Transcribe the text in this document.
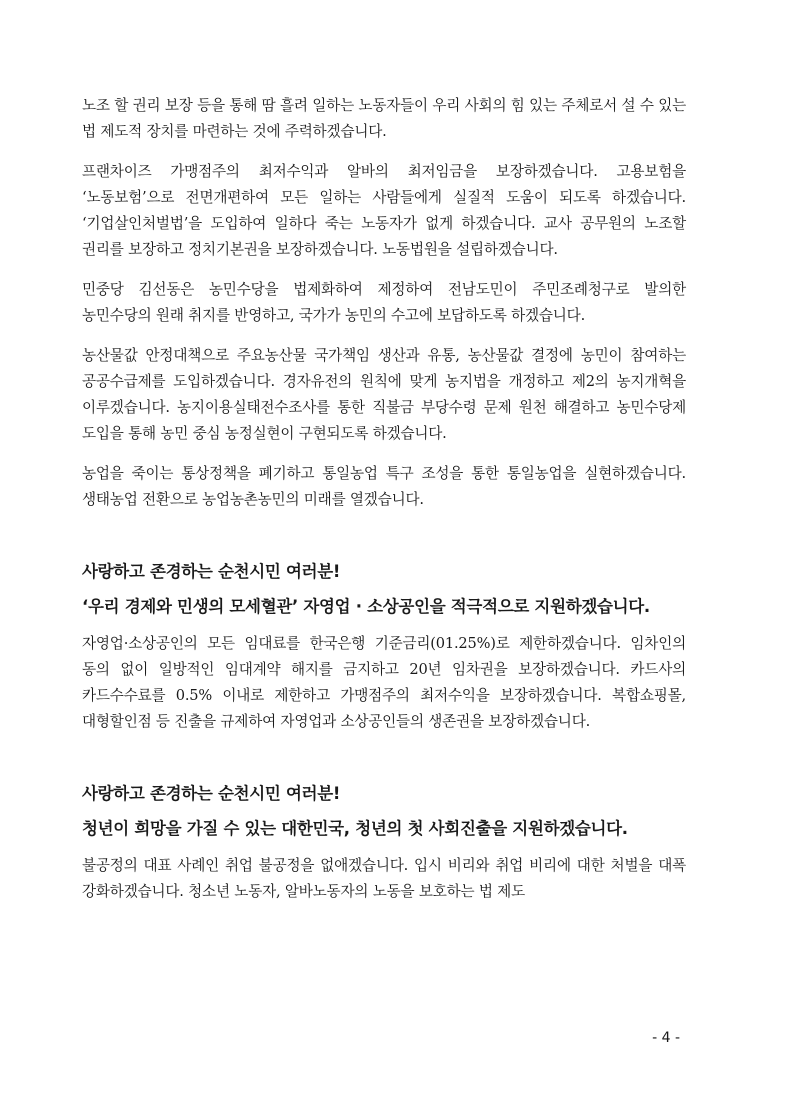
노조 할 권리 보장 등을 통해 땀 흘려 일하는 노동자들이 우리 사회의 힘 있는 주체로서 설 수 있는 법 제도적 장치를 마련하는 것에 주력하겠습니다.

프랜차이즈 가맹점주의 최저수익과 알바의 최저임금을 보장하겠습니다. 고용보험을 ‘노동보험’으로 전면개편하여 모든 일하는 사람들에게 실질적 도움이 되도록 하겠습니다. ‘기업살인처벌법’을 도입하여 일하다 죽는 노동자가 없게 하겠습니다. 교사 공무원의 노조할 권리를 보장하고 정치기본권을 보장하겠습니다. 노동법원을 설립하겠습니다.

민중당 김선동은 농민수당을 법제화하여 제정하여 전남도민이 주민조례청구로 발의한 농민수당의 원래 취지를 반영하고, 국가가 농민의 수고에 보답하도록 하겠습니다.

농산물값 안정대책으로 주요농산물 국가책임 생산과 유통, 농산물값 결정에 농민이 참여하는 공공수급제를 도입하겠습니다. 경자유전의 원칙에 맞게 농지법을 개정하고 제2의 농지개혁을 이루겠습니다. 농지이용실태전수조사를 통한 직불금 부당수령 문제 원천 해결하고 농민수당제 도입을 통해 농민 중심 농정실현이 구현되도록 하겠습니다.

농업을 죽이는 통상정책을 폐기하고 통일농업 특구 조성을 통한 통일농업을 실현하겠습니다. 생태농업 전환으로 농업농촌농민의 미래를 열겠습니다.

사랑하고 존경하는 순천시민 여러분!
‘우리 경제와 민생의 모세혈관’ 자영업 · 소상공인을 적극적으로 지원하겠습니다.

자영업·소상공인의 모든 임대료를 한국은행 기준금리(01.25%)로 제한하겠습니다. 임차인의 동의 없이 일방적인 임대계약 해지를 금지하고 20년 임차권을 보장하겠습니다. 카드사의 카드수수료를 0.5% 이내로 제한하고 가맹점주의 최저수익을 보장하겠습니다. 복합쇼핑몰, 대형할인점 등 진출을 규제하여 자영업과 소상공인들의 생존권을 보장하겠습니다.

사랑하고 존경하는 순천시민 여러분!
청년이 희망을 가질 수 있는 대한민국, 청년의 첫 사회진출을 지원하겠습니다.

불공정의 대표 사례인 취업 불공정을 없애겠습니다. 입시 비리와 취업 비리에 대한 처벌을 대폭 강화하겠습니다. 청소년 노동자, 알바노동자의 노동을 보호하는 법 제도

- 4 -
